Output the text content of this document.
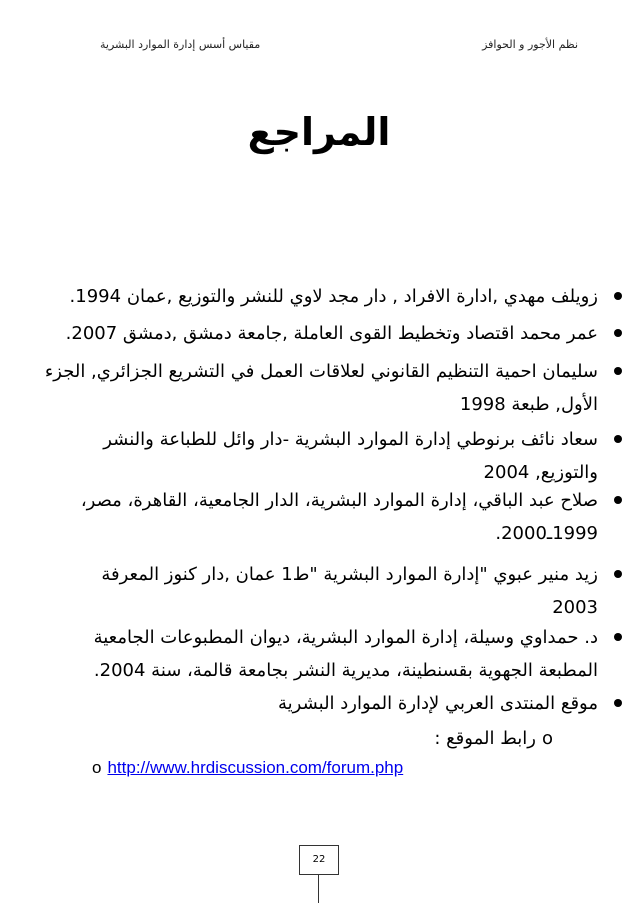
نظم الأجور و الحوافز
مقياس أسس إدارة الموارد البشرية
المراجع

زويلف مهدي ,ادارة الافراد , دار مجد لاوي للنشر والتوزيع ,عمان 1994.

عمر محمد اقتصاد وتخطيط القوى العاملة ,جامعة دمشق ,دمشق 2007.

سليمان احمية التنظيم القانوني لعلاقات العمل في التشريع الجزائري, الجزء الأول, طبعة 1998

سعاد نائف برنوطي إدارة الموارد البشرية -دار وائل للطباعة والنشر والتوزيع, 2004

صلاح عبد الباقي، إدارة الموارد البشرية، الدار الجامعية، القاهرة، مصر، 1999ـ2000.

زيد منير عبوي "إدارة الموارد البشرية "ط1 عمان ,دار كنوز المعرفة 2003

د. حمداوي وسيلة، إدارة الموارد البشرية، ديوان المطبوعات الجامعية المطبعة الجهوية بقسنطينة، مديرية النشر بجامعة قالمة، سنة 2004.

موقع المنتدى العربي لإدارة الموارد البشرية

oرابط الموقع :
o http://www.hrdiscussion.com/forum.php
22
